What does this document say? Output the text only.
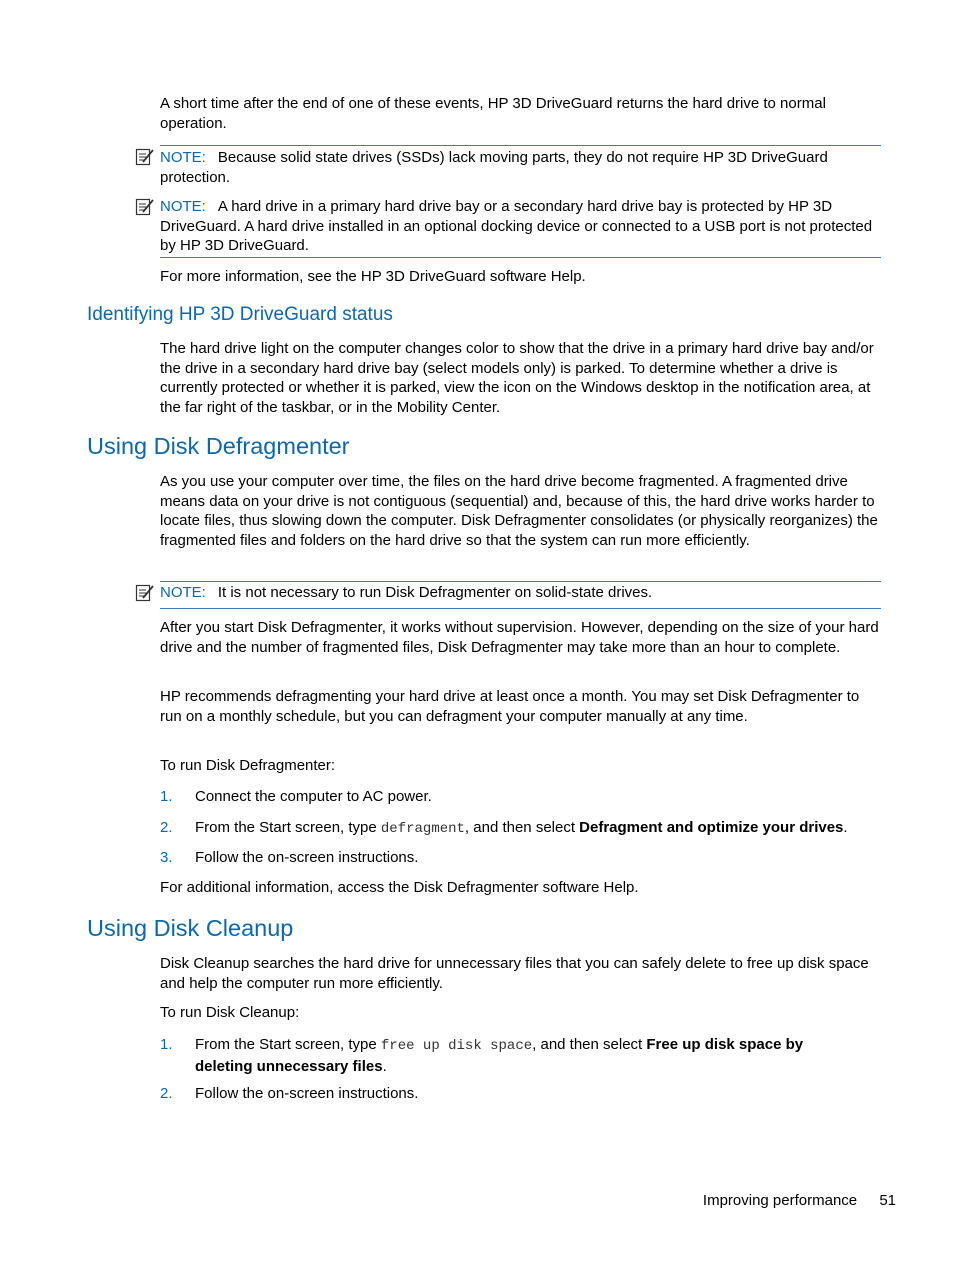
A short time after the end of one of these events, HP 3D DriveGuard returns the hard drive to normal operation.

NOTE: Because solid state drives (SSDs) lack moving parts, they do not require HP 3D DriveGuard protection.

NOTE: A hard drive in a primary hard drive bay or a secondary hard drive bay is protected by HP 3D DriveGuard. A hard drive installed in an optional docking device or connected to a USB port is not protected by HP 3D DriveGuard.

For more information, see the HP 3D DriveGuard software Help.

Identifying HP 3D DriveGuard status

The hard drive light on the computer changes color to show that the drive in a primary hard drive bay and/or the drive in a secondary hard drive bay (select models only) is parked. To determine whether a drive is currently protected or whether it is parked, view the icon on the Windows desktop in the notification area, at the far right of the taskbar, or in the Mobility Center.

Using Disk Defragmenter

As you use your computer over time, the files on the hard drive become fragmented. A fragmented drive means data on your drive is not contiguous (sequential) and, because of this, the hard drive works harder to locate files, thus slowing down the computer. Disk Defragmenter consolidates (or physically reorganizes) the fragmented files and folders on the hard drive so that the system can run more efficiently.

NOTE: It is not necessary to run Disk Defragmenter on solid-state drives.

After you start Disk Defragmenter, it works without supervision. However, depending on the size of your hard drive and the number of fragmented files, Disk Defragmenter may take more than an hour to complete.

HP recommends defragmenting your hard drive at least once a month. You may set Disk Defragmenter to run on a monthly schedule, but you can defragment your computer manually at any time.

To run Disk Defragmenter:

1. Connect the computer to AC power.
2. From the Start screen, type defragment, and then select Defragment and optimize your drives.
3. Follow the on-screen instructions.

For additional information, access the Disk Defragmenter software Help.

Using Disk Cleanup

Disk Cleanup searches the hard drive for unnecessary files that you can safely delete to free up disk space and help the computer run more efficiently.

To run Disk Cleanup:

1. From the Start screen, type free up disk space, and then select Free up disk space by deleting unnecessary files.
2. Follow the on-screen instructions.
Improving performance 51
